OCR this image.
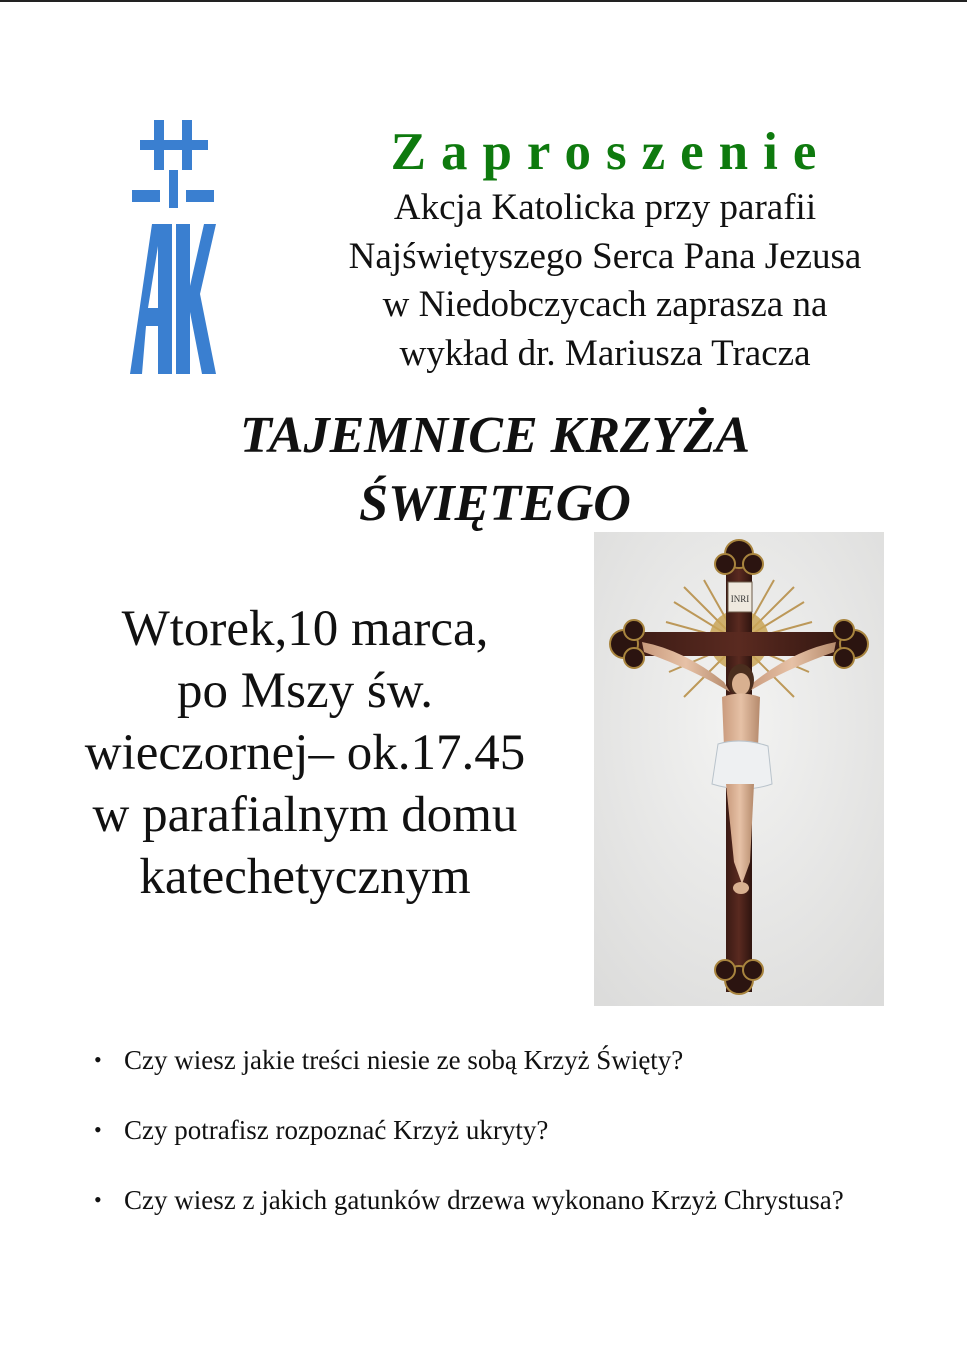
Zaproszenie

Akcja Katolicka przy parafii

Najświętyszego Serca Pana Jezusa

w Niedobczycach zaprasza na

wykład dr. Mariusza Tracza

TAJEMNICE KRZYŻA
ŚWIĘTEGO

Wtorek,10 marca,

po Mszy św.

wieczornej– ok.17.45

w parafialnym domu

katechetycznym

INRI
• Czy wiesz jakie treści niesie ze sobą Krzyż Święty?
• Czy potrafisz rozpoznać Krzyż ukryty?
• Czy wiesz z jakich gatunków drzewa wykonano Krzyż Chrystusa?
